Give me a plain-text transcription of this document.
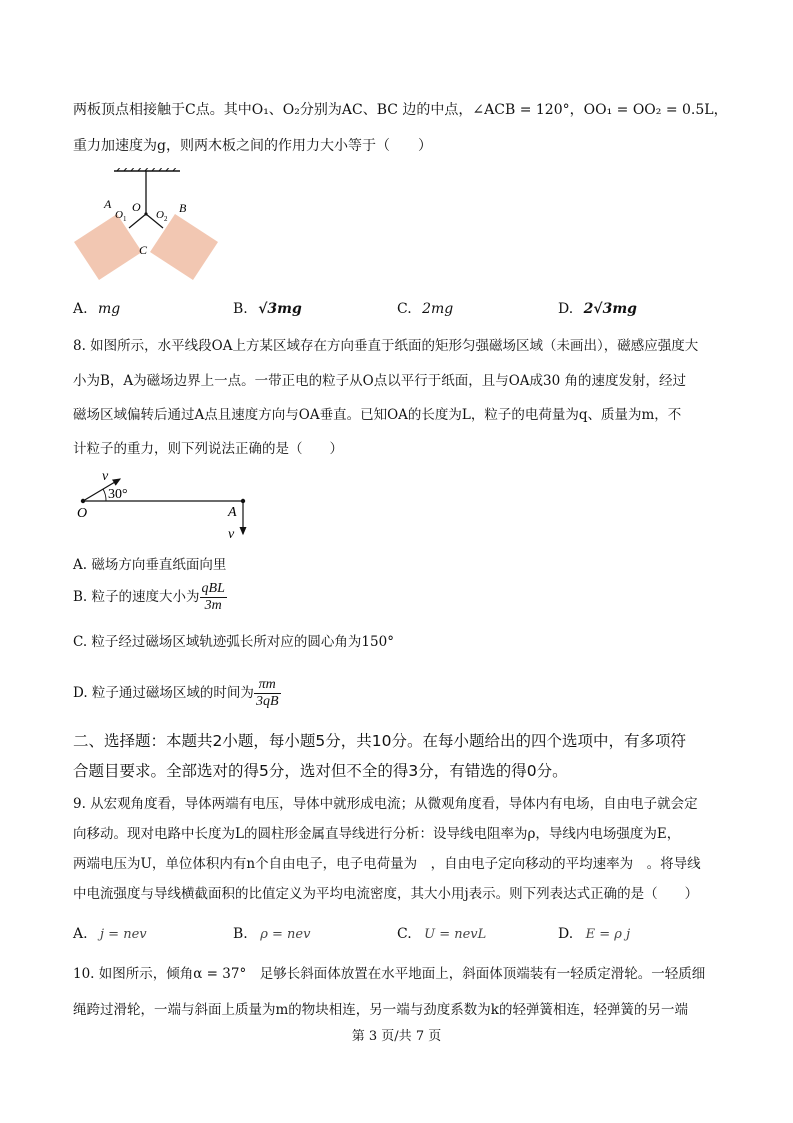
两板顶点相接触于C点。其中O₁、O₂分别为AC、BC 边的中点，∠ACB = 120°，OO₁ = OO₂ = 0.5L，
重力加速度为g，则两木板之间的作用力大小等于（　　）
A	B
O
O 1	O 2
C
A. mg	B. √3mg	C. 2mg	D. 2√3mg
8. 如图所示，水平线段OA上方某区域存在方向垂直于纸面的矩形匀强磁场区域（未画出），磁感应强度大
小为B，A为磁场边界上一点。一带正电的粒子从O点以平行于纸面，且与OA成30 角的速度发射，经过
磁场区域偏转后通过A点且速度方向与OA垂直。已知OA的长度为L，粒子的电荷量为q、质量为m，不
计粒子的重力，则下列说法正确的是（　　）
v
30°
O	A
v
A. 磁场方向垂直纸面向里
B. 粒子的速度大小为 $\frac{\text{qBL}}{3m}$
C. 粒子经过磁场区域轨迹弧长所对应的圆心角为150°
D. 粒子通过磁场区域的时间为 $\frac{\pi m}{3qB}$
二、选择题：本题共2小题，每小题5分，共10分。在每小题给出的四个选项中，有多项符
合题目要求。全部选对的得5分，选对但不全的得3分，有错选的得0分。
9. 从宏观角度看，导体两端有电压，导体中就形成电流；从微观角度看，导体内有电场，自由电子就会定
向移动。现对电路中长度为L的圆柱形金属直导线进行分析：设导线电阻率为ρ，导线内电场强度为E，
两端电压为U，单位体积内有n个自由电子，电子电荷量为　，自由电子定向移动的平均速率为　。将导线
中电流强度与导线横截面积的比值定义为平均电流密度，其大小用j表示。则下列表达式正确的是（　　）
A. j = nev	B. ρ = nev	C. U = nevL	D. E = ρ j
10. 如图所示，倾角α = 37°　足够长斜面体放置在水平地面上，斜面体顶端装有一轻质定滑轮。一轻质细
绳跨过滑轮，一端与斜面上质量为m的物块相连，另一端与劲度系数为k的轻弹簧相连，轻弹簧的另一端
第 3 页/共 7 页
